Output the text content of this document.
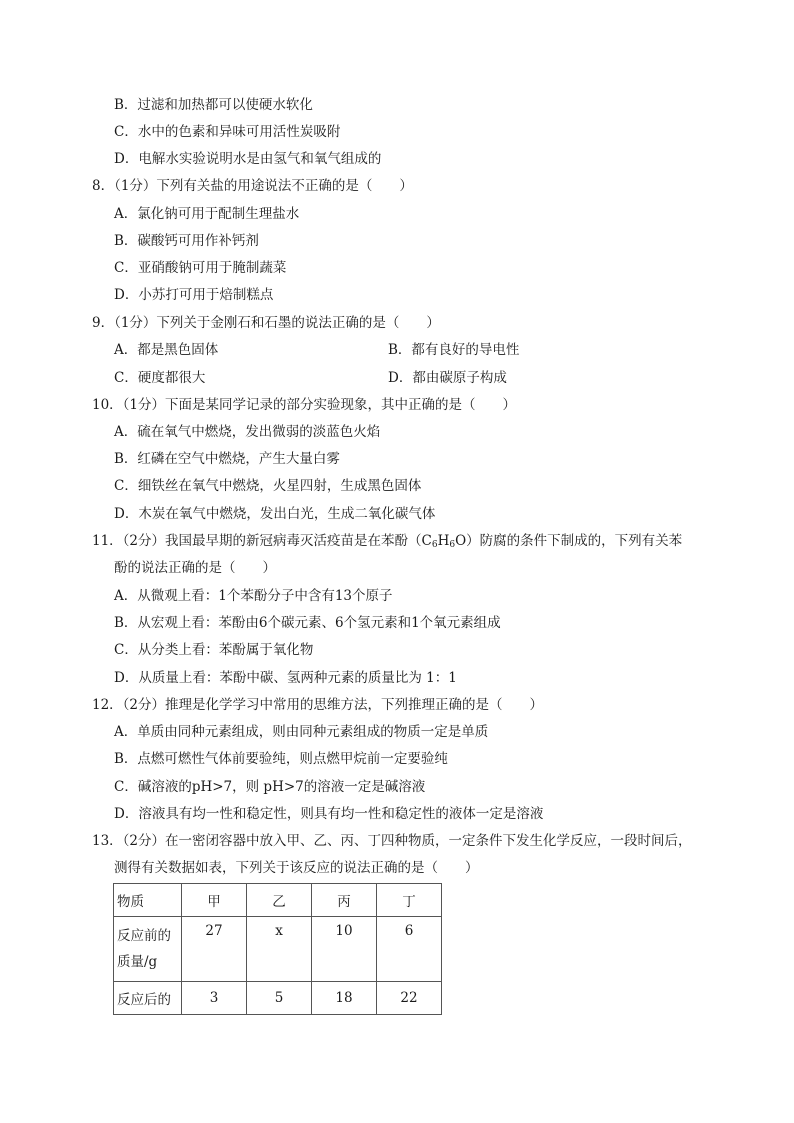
B．过滤和加热都可以使硬水软化
C．水中的色素和异味可用活性炭吸附
D．电解水实验说明水是由氢气和氧气组成的
8．（1分）下列有关盐的用途说法不正确的是（　　）
A．氯化钠可用于配制生理盐水
B．碳酸钙可用作补钙剂
C．亚硝酸钠可用于腌制蔬菜
D．小苏打可用于焙制糕点
9．（1分）下列关于金刚石和石墨的说法正确的是（　　）
A．都是黑色固体	B．都有良好的导电性
C．硬度都很大	D．都由碳原子构成
10．（1分）下面是某同学记录的部分实验现象，其中正确的是（　　）
A．硫在氧气中燃烧，发出微弱的淡蓝色火焰
B．红磷在空气中燃烧，产生大量白雾
C．细铁丝在氧气中燃烧，火星四射，生成黑色固体
D．木炭在氧气中燃烧，发出白光，生成二氧化碳气体
11．（2分）我国最早期的新冠病毒灭活疫苗是在苯酚$(C_6H_6O)$防腐的条件下制成的，下列有关苯
酚的说法正确的是（　　）
A．从微观上看：1个苯酚分子中含有13个原子
B．从宏观上看：苯酚由6个碳元素、6个氢元素和1个氧元素组成
C．从分类上看：苯酚属于氧化物
D．从质量上看：苯酚中碳、氢两种元素的质量比为 1：1
12．（2分）推理是化学学习中常用的思维方法，下列推理正确的是（　　）
A．单质由同种元素组成，则由同种元素组成的物质一定是单质
B．点燃可燃性气体前要验纯，则点燃甲烷前一定要验纯
C．碱溶液的pH>7，则 pH>7的溶液一定是碱溶液
D．溶液具有均一性和稳定性，则具有均一性和稳定性的液体一定是溶液
13．（2分）在一密闭容器中放入甲、乙、丙、丁四种物质，一定条件下发生化学反应，一段时间后，
测得有关数据如表，下列关于该反应的说法正确的是（　　）
物质	甲	乙	丙	丁

反应前的
质量/g	27	x	10	6
反应后的	3	5	18	22
